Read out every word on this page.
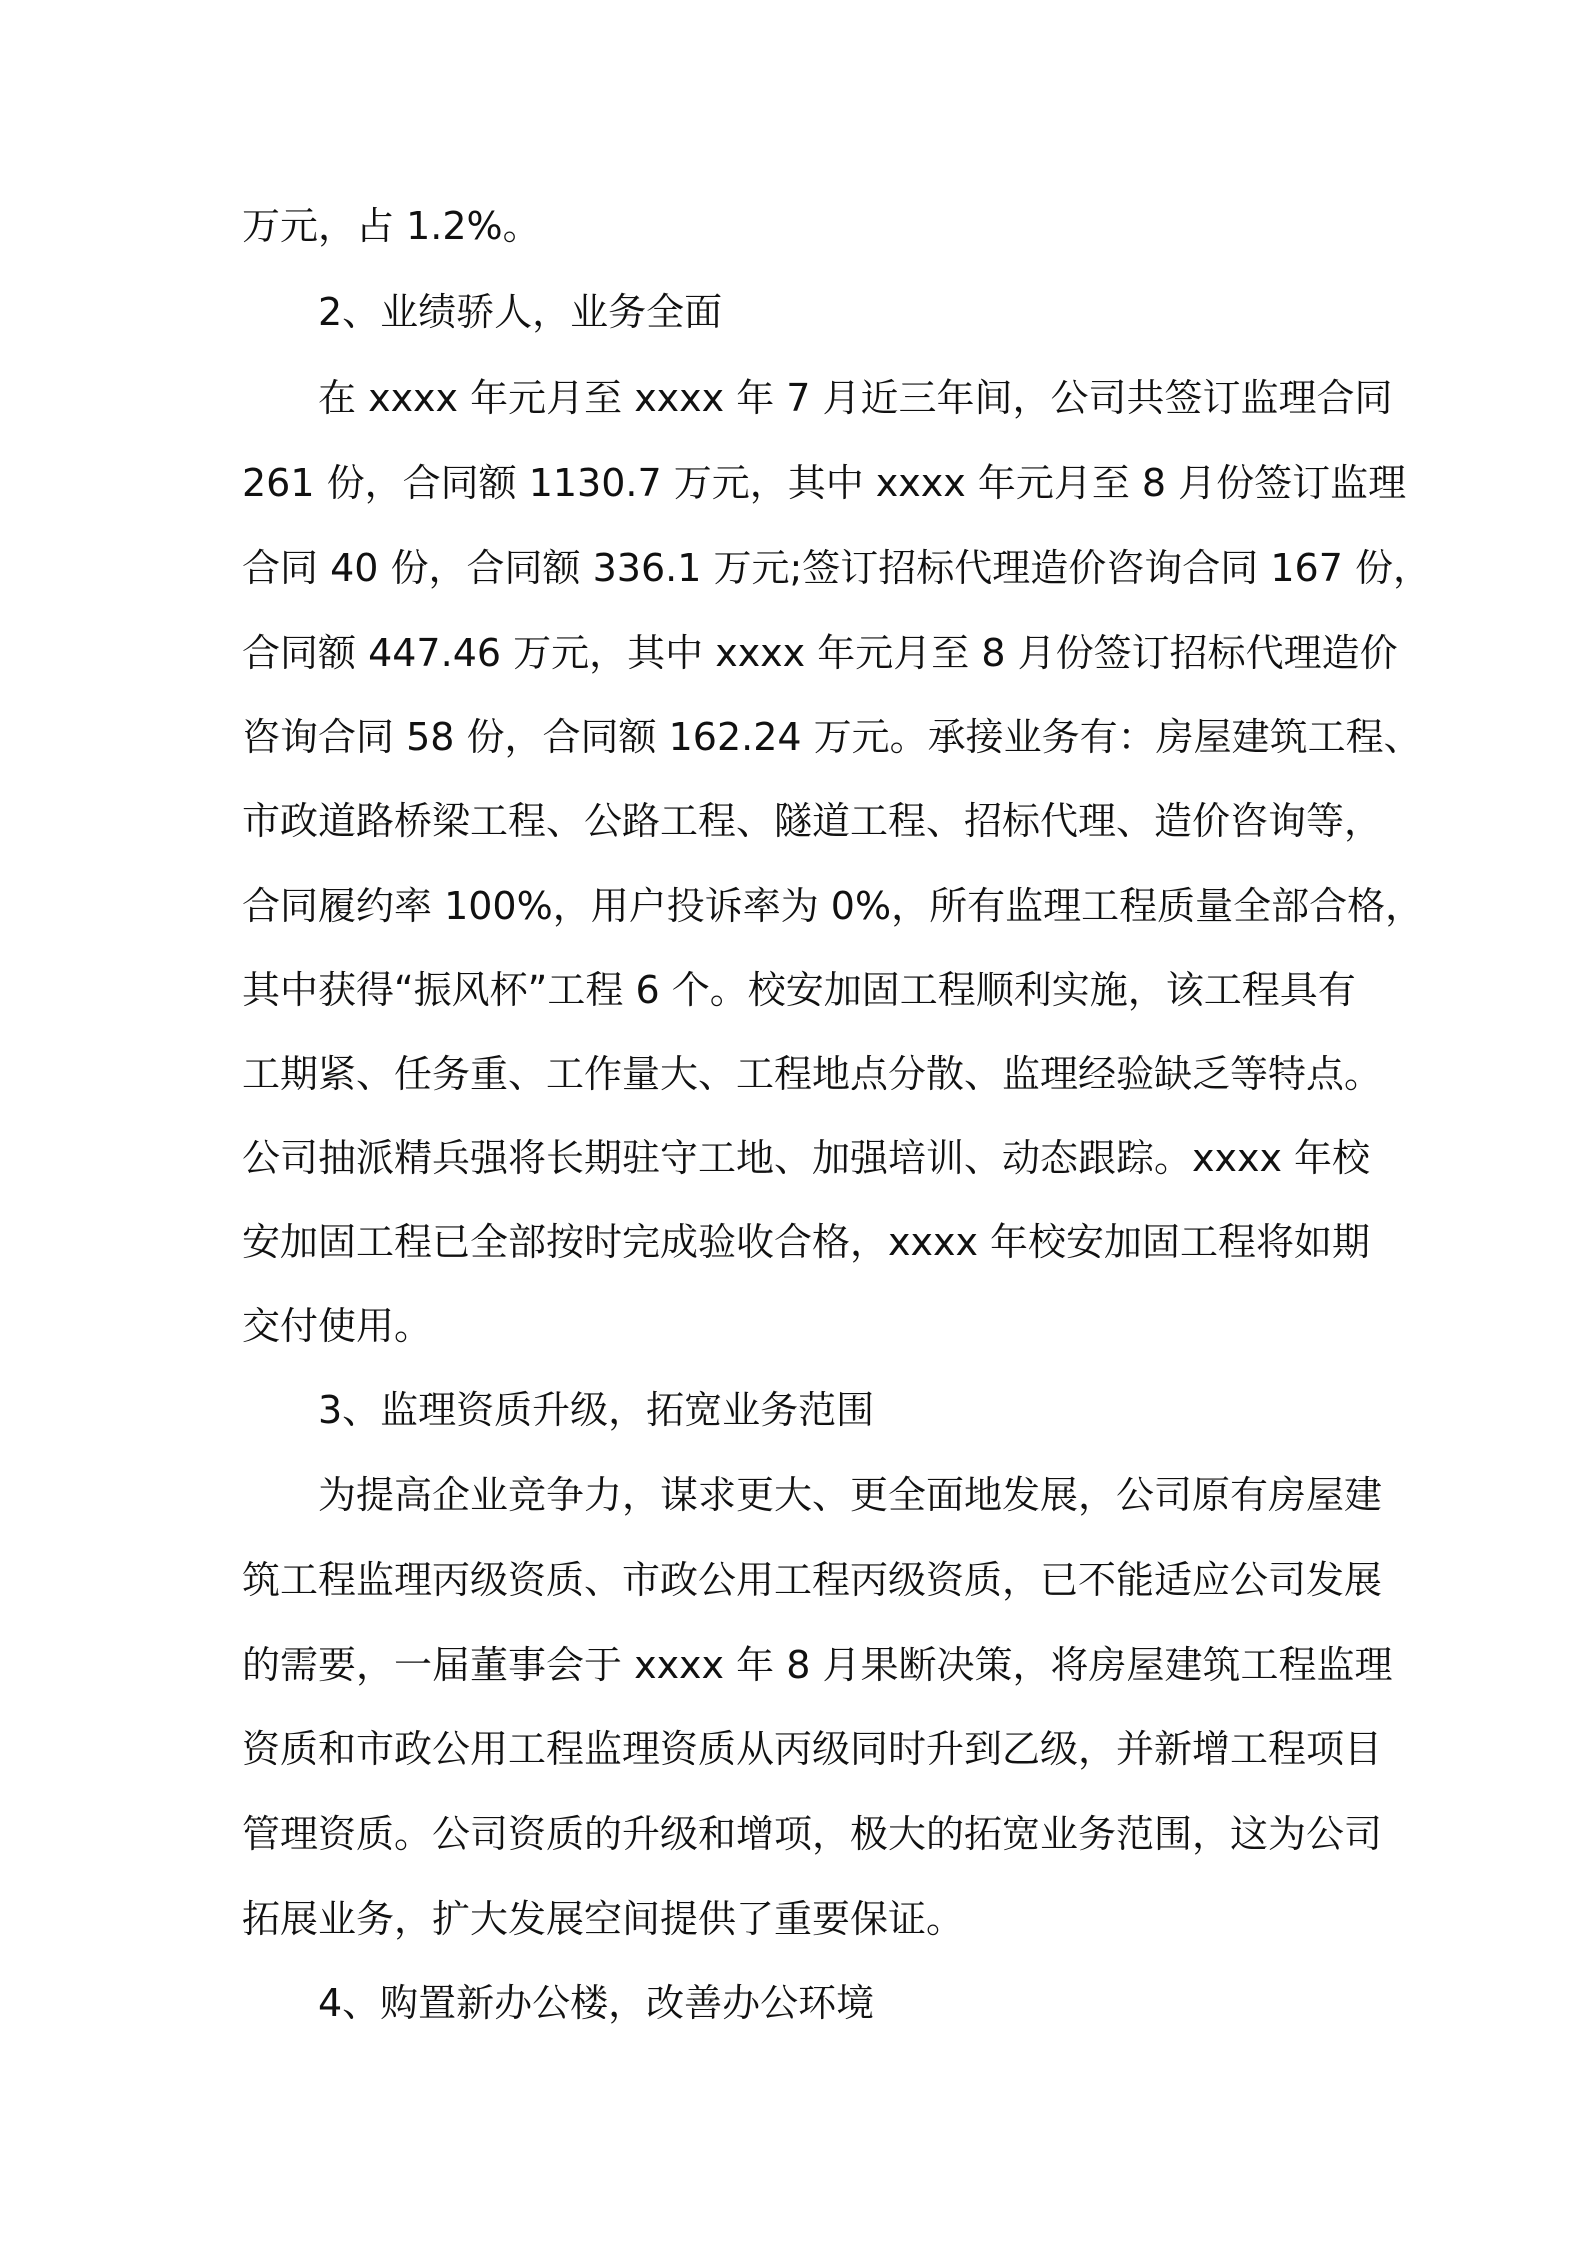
万元，占 1.2%。

2、业绩骄人，业务全面

在 xxxx 年元月至 xxxx 年 7 月近三年间，公司共签订监理合同

261 份，合同额 1130.7 万元，其中 xxxx 年元月至 8 月份签订监理

合同 40 份，合同额 336.1 万元;签订招标代理造价咨询合同 167 份，

合同额 447.46 万元，其中 xxxx 年元月至 8 月份签订招标代理造价

咨询合同 58 份，合同额 162.24 万元。承接业务有：房屋建筑工程、

市政道路桥梁工程、公路工程、隧道工程、招标代理、造价咨询等，

合同履约率 100%，用户投诉率为 0%，所有监理工程质量全部合格，

其中获得“振风杯”工程 6 个。校安加固工程顺利实施，该工程具有

工期紧、任务重、工作量大、工程地点分散、监理经验缺乏等特点。

公司抽派精兵强将长期驻守工地、加强培训、动态跟踪。xxxx 年校

安加固工程已全部按时完成验收合格，xxxx 年校安加固工程将如期

交付使用。

3、监理资质升级，拓宽业务范围

为提高企业竞争力，谋求更大、更全面地发展，公司原有房屋建

筑工程监理丙级资质、市政公用工程丙级资质，已不能适应公司发展

的需要，一届董事会于 xxxx 年 8 月果断决策，将房屋建筑工程监理

资质和市政公用工程监理资质从丙级同时升到乙级，并新增工程项目

管理资质。公司资质的升级和增项，极大的拓宽业务范围，这为公司

拓展业务，扩大发展空间提供了重要保证。

4、购置新办公楼，改善办公环境
